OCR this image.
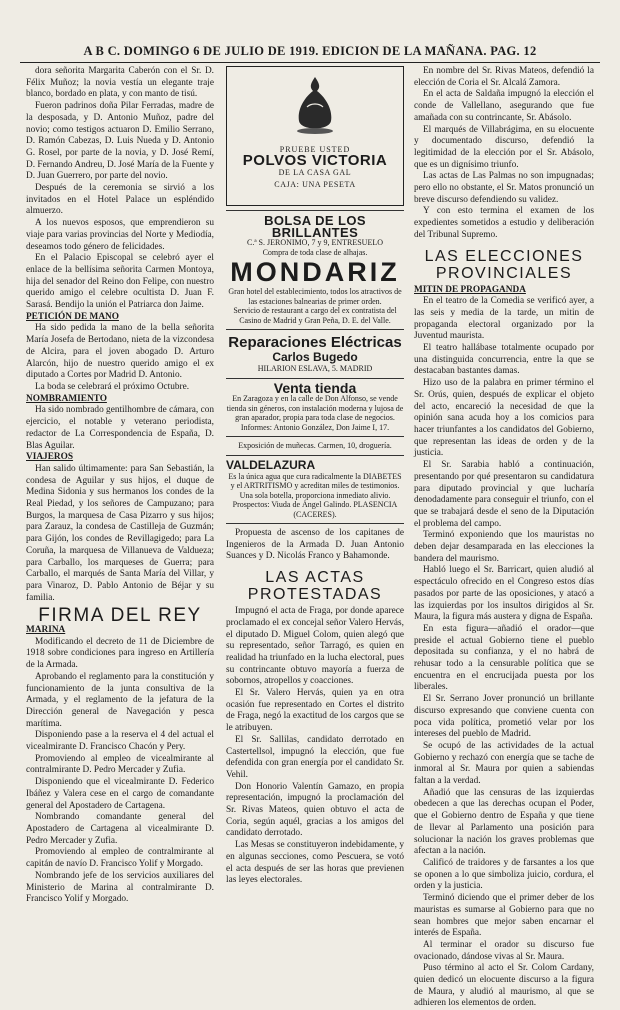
A B C. DOMINGO 6 DE JULIO DE 1919. EDICION DE LA MAÑANA. PAG. 12

dora señorita Margarita Caberón con el Sr. D. Félix Muñoz; la novia vestía un elegante traje blanco, bordado en plata, y con manto de tisú.

Fueron padrinos doña Pilar Ferradas, madre de la desposada, y D. Antonio Muñoz, padre del novio; como testigos actuaron D. Emilio Serrano, D. Ramón Cabezas, D. Luis Nueda y D. Antonio G. Rosel, por parte de la novia, y D. José Remí, D. Fernando Andreu, D. José María de la Fuente y D. Juan Guerrero, por parte del novio.

Después de la ceremonia se sirvió a los invitados en el Hotel Palace un espléndido almuerzo.

A los nuevos esposos, que emprendieron su viaje para varias provincias del Norte y Mediodía, deseamos todo género de felicidades.

En el Palacio Episcopal se celebró ayer el enlace de la bellísima señorita Carmen Montoya, hija del senador del Reino don Felipe, con nuestro querido amigo el celebre ocultista D. Juan F. Sarasá. Bendijo la unión el Patriarca don Jaime.

PETICIÓN DE MANO

Ha sido pedida la mano de la bella señorita María Josefa de Bertodano, nieta de la vizcondesa de Alcira, para el joven abogado D. Arturo Alarcón, hijo de nuestro querido amigo el ex diputado a Cortes por Madrid D. Antonio.

La boda se celebrará el próximo Octubre.

NOMBRAMIENTO

Ha sido nombrado gentilhombre de cámara, con ejercicio, el notable y veterano periodista, redactor de La Correspondencia de España, D. Blas Aguilar.

VIAJEROS

Han salido últimamente: para San Sebastián, la condesa de Aguilar y sus hijos, el duque de Medina Sidonia y sus hermanos los condes de la Real Piedad, y los señores de Campuzano; para Burgos, la marquesa de Casa Pizarro y sus hijos; para Zarauz, la condesa de Castilleja de Guzmán; para Gijón, los condes de Revillagigedo; para La Coruña, la marquesa de Villanueva de Valdueza; para Carballo, los marqueses de Guerra; para Carballo, el marqués de Santa María del Villar, y para Vinaroz, D. Pablo Antonio de Béjar y su familia.

FIRMA DEL REY

MARINA

Modificando el decreto de 11 de Diciembre de 1918 sobre condiciones para ingreso en Artillería de la Armada.

Aprobando el reglamento para la constitución y funcionamiento de la junta consultiva de la Armada, y el reglamento de la jefatura de la Dirección general de Navegación y pesca marítima.

Disponiendo pase a la reserva el 4 del actual el vicealmirante D. Francisco Chacón y Pery.

Promoviendo al empleo de vicealmirante al contralmirante D. Pedro Mercader y Zufia.

Disponiendo que el vicealmirante D. Federico Ibáñez y Valera cese en el cargo de comandante general del Apostadero de Cartagena.

Nombrando comandante general del Apostadero de Cartagena al vicealmirante D. Pedro Mercader y Zufia.

Promoviendo al empleo de contralmirante al capitán de navío D. Francisco Yolif y Morgado.

Nombrando jefe de los servicios auxiliares del Ministerio de Marina al contralmirante D. Francisco Yolif y Morgado.

PRUEBE USTED
POLVOS VICTORIA
DE LA CASA GAL
CAJA: UNA PESETA
BOLSA DE LOS BRILLANTES
C.ª S. JERONIMO, 7 y 9, ENTRESUELO
Compra de toda clase de alhajas.
MONDARIZ
Gran hotel del establecimiento, todos los atractivos de las estaciones balnearias de primer orden.
Servicio de restaurant a cargo del ex contratista del Casino de Madrid y Gran Peña, D. E. del Valle.
Reparaciones Eléctricas
Carlos Bugedo
HILARION ESLAVA, 5. MADRID
Venta tienda
En Zaragoza y en la calle de Don Alfonso, se vende tienda sin géneros, con instalación moderna y lujosa de gran aparador, propia para toda clase de negocios. Informes: Antonio González, Don Jaime I, 17.
Exposición de muñecas. Carmen, 10, droguería.
VALDELAZURA
Es la única agua que cura radicalmente la DIABETES y el ARTRITISMO y acreditan miles de testimonios. Una sola botella, proporciona inmediato alivio. Prospectos: Viuda de Ángel Galindo. PLASENCIA (CACERES).

Propuesta de ascenso de los capitanes de Ingenieros de la Armada D. Juan Antonio Suances y D. Nicolás Franco y Bahamonde.

LAS ACTAS PROTESTADAS

Impugnó el acta de Fraga, por donde aparece proclamado el ex concejal señor Valero Hervás, el diputado D. Miguel Colom, quien alegó que su representado, señor Tarragó, es quien en realidad ha triunfado en la lucha electoral, pues su contrincante obtuvo mayoría a fuerza de sobornos, atropellos y coacciones.

El Sr. Valero Hervás, quien ya en otra ocasión fue representado en Cortes el distrito de Fraga, negó la exactitud de los cargos que se le atribuyen.

El Sr. Sallilas, candidato derrotado en Castertellsol, impugnó la elección, que fue defendida con gran energía por el candidato Sr. Vehil.

Don Honorio Valentín Gamazo, en propia representación, impugnó la proclamación del Sr. Rivas Mateos, quien obtuvo el acta de Coria, según aquél, gracias a los amigos del candidato derrotado.

Las Mesas se constituyeron indebidamente, y en algunas secciones, como Pescuera, se votó el acta después de ser las horas que previenen las leyes electorales.

En nombre del Sr. Rivas Mateos, defendió la elección de Coria el Sr. Alcalá Zamora.

En el acta de Saldaña impugnó la elección el conde de Vallellano, asegurando que fue amañada con su contrincante, Sr. Abásolo.

El marqués de Villabrágima, en su elocuente y documentado discurso, defendió la legitimidad de la elección por el Sr. Abásolo, que es un dignísimo triunfo.

Las actas de Las Palmas no son impugnadas; pero ello no obstante, el Sr. Matos pronunció un breve discurso defendiendo su validez.

Y con esto termina el examen de los expedientes sometidos a estudio y deliberación del Tribunal Supremo.

LAS ELECCIONES PROVINCIALES

MITIN DE PROPAGANDA

En el teatro de la Comedia se verificó ayer, a las seis y media de la tarde, un mitin de propaganda electoral organizado por la Juventud maurista.

El teatro hallábase totalmente ocupado por una distinguida concurrencia, entre la que se destacaban bastantes damas.

Hizo uso de la palabra en primer término el Sr. Orús, quien, después de explicar el objeto del acto, encareció la necesidad de que la opinión sana acuda hoy a los comicios para hacer triunfantes a los candidatos del Gobierno, que representan las ideas de orden y de la justicia.

El Sr. Sarabia habló a continuación, presentando por qué presentaron su candidatura para diputado provincial y que lucharía denodadamente para conseguir el triunfo, con el que se trabajará desde el seno de la Diputación el problema del campo.

Terminó exponiendo que los mauristas no deben dejar desamparada en las elecciones la bandera del maurismo.

Habló luego el Sr. Barricart, quien aludió al espectáculo ofrecido en el Congreso estos días pasados por parte de las oposiciones, y atacó a las izquierdas por los insultos dirigidos al Sr. Maura, la figura más austera y digna de España.

En esta figura—añadió el orador—que preside el actual Gobierno tiene el pueblo depositada su confianza, y el no habrá de rehusar todo a la censurable política que se encuentra en el encrucijada puesta por los liberales.

El Sr. Serrano Jover pronunció un brillante discurso expresando que conviene cuenta con poca vida política, prometió velar por los intereses del pueblo de Madrid.

Se ocupó de las actividades de la actual Gobierno y rechazó con energía que se tache de inmoral al Sr. Maura por quien a sabiendas faltan a la verdad.

Añadió que las censuras de las izquierdas obedecen a que las derechas ocupan el Poder, que el Gobierno dentro de España y que tiene de llevar al Parlamento una posición para solucionar la nación los graves problemas que afectan a la nación.

Calificó de traidores y de farsantes a los que se oponen a lo que simboliza juicio, cordura, el orden y la justicia.

Terminó diciendo que el primer deber de los mauristas es sumarse al Gobierno para que no sean hombres que mejor saben encarnar el interés de España.

Al terminar el orador su discurso fue ovacionado, dándose vivas al Sr. Maura.

Puso término al acto el Sr. Colom Cardany, quien dedicó un elocuente discurso a la figura de Maura, y aludió al maurismo, al que se adhieren los elementos de orden.
